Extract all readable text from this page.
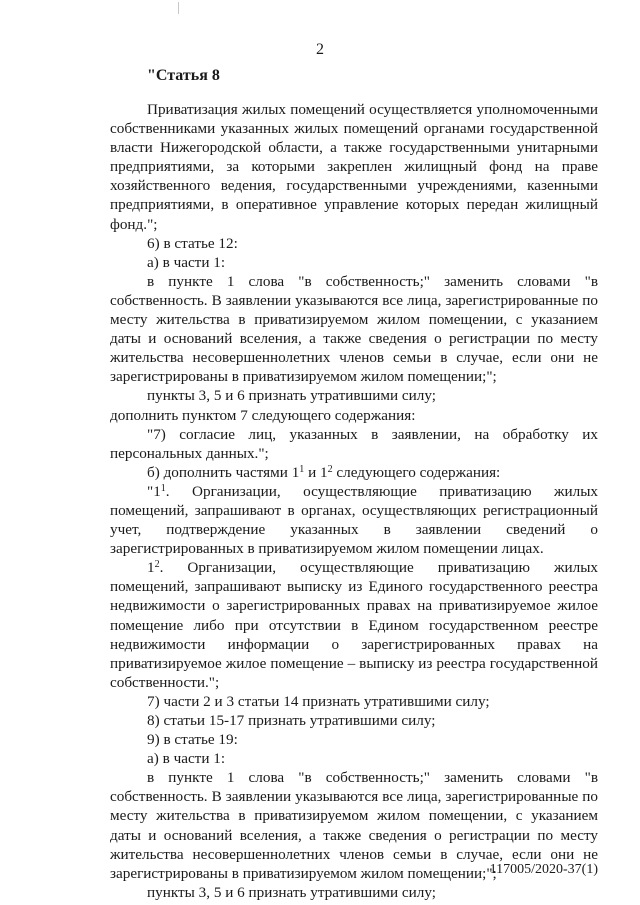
2
"Статья 8

Приватизация жилых помещений осуществляется уполномоченными собственниками указанных жилых помещений органами государственной власти Нижегородской области, а также государственными унитарными предприятиями, за которыми закреплен жилищный фонд на праве хозяйственного ведения, государственными учреждениями, казенными предприятиями, в оперативное управление которых передан жилищный фонд.";

6) в статье 12:

а) в части 1:

в пункте 1 слова "в собственность;" заменить словами "в собственность. В заявлении указываются все лица, зарегистрированные по месту жительства в приватизируемом жилом помещении, с указанием даты и оснований вселения, а также сведения о регистрации по месту жительства несовершеннолетних членов семьи в случае, если они не зарегистрированы в приватизируемом жилом помещении;";

пункты 3, 5 и 6 признать утратившими силу;

дополнить пунктом 7 следующего содержания:

"7) согласие лиц, указанных в заявлении, на обработку их персональных данных.";

б) дополнить частями $1^1$ и $1^2$ следующего содержания:

"$1^1$. Организации, осуществляющие приватизацию жилых помещений, запрашивают в органах, осуществляющих регистрационный учет, подтверждение указанных в заявлении сведений о зарегистрированных в приватизируемом жилом помещении лицах.

$1^2$. Организации, осуществляющие приватизацию жилых помещений, запрашивают выписку из Единого государственного реестра недвижимости о зарегистрированных правах на приватизируемое жилое помещение либо при отсутствии в Едином государственном реестре недвижимости информации о зарегистрированных правах на приватизируемое жилое помещение – выписку из реестра государственной собственности.";

7) части 2 и 3 статьи 14 признать утратившими силу;

8) статьи 15-17 признать утратившими силу;

9) в статье 19:

а) в части 1:

в пункте 1 слова "в собственность;" заменить словами "в собственность. В заявлении указываются все лица, зарегистрированные по месту жительства в приватизируемом жилом помещении, с указанием даты и оснований вселения, а также сведения о регистрации по месту жительства несовершеннолетних членов семьи в случае, если они не зарегистрированы в приватизируемом жилом помещении;";

пункты 3, 5 и 6 признать утратившими силу;

117005/2020-37(1)
